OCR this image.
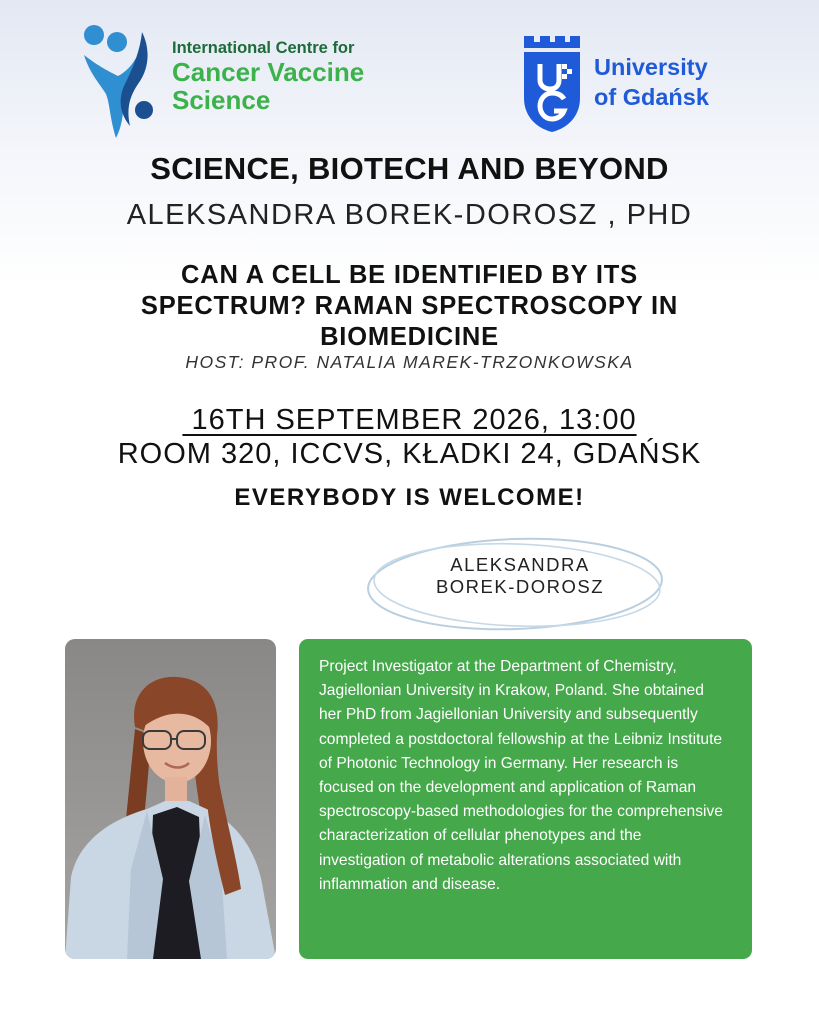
International Centre for
Cancer Vaccine
Science
University
of Gdańsk
SCIENCE, BIOTECH AND BEYOND
ALEKSANDRA BOREK-DOROSZ , PHD
CAN A CELL BE IDENTIFIED BY ITS
SPECTRUM? RAMAN SPECTROSCOPY IN
BIOMEDICINE
HOST: PROF. NATALIA MAREK-TRZONKOWSKA
16TH SEPTEMBER 2026, 13:00
ROOM 320, ICCVS, KŁADKI 24, GDAŃSK
EVERYBODY IS WELCOME!
ALEKSANDRA
BOREK-DOROSZ

Project Investigator at the Department of Chemistry, Jagiellonian University in Krakow, Poland. She obtained her PhD from Jagiellonian University and subsequently completed a postdoctoral fellowship at the Leibniz Institute of Photonic Technology in Germany. Her research is focused on the development and application of Raman spectroscopy-based methodologies for the comprehensive characterization of cellular phenotypes and the investigation of metabolic alterations associated with inflammation and disease.
